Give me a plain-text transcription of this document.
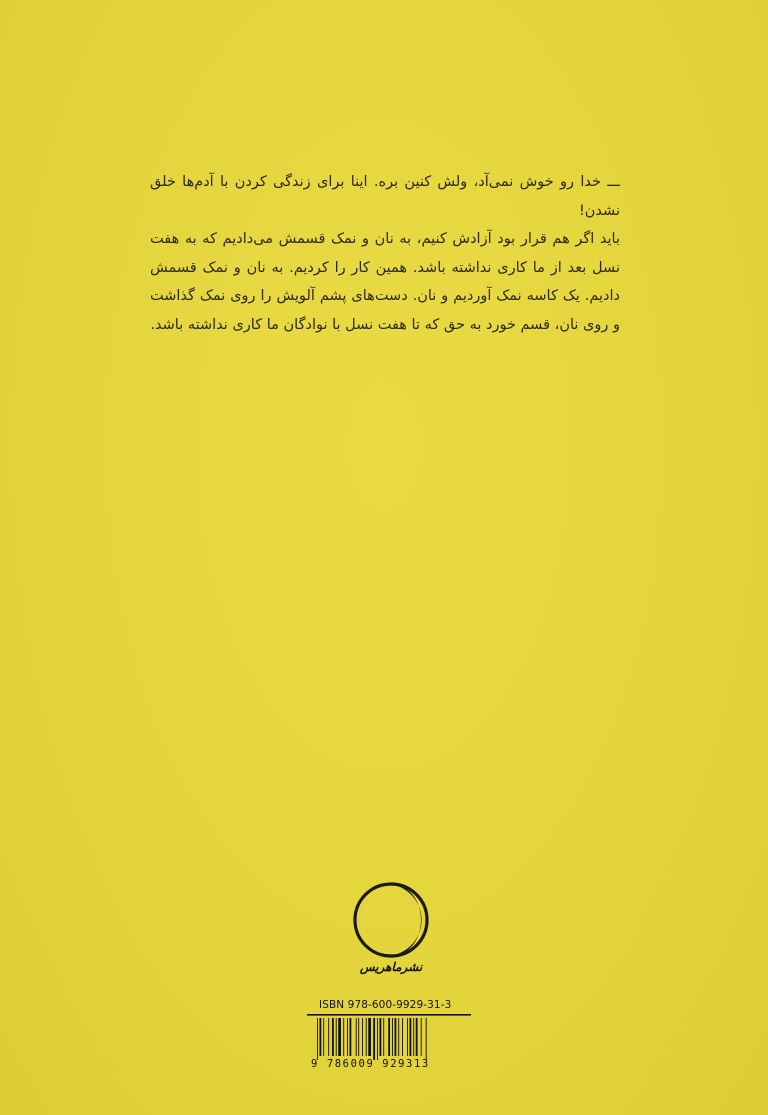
ـــ خدا رو خوش نمی‌آد، ولش کنین بره. اینا برای زندگی کردن با آدم‌ها خلق نشدن!

باید اگر هم قرار بود آزادش کنیم، به نان و نمک قسمش می‌دادیم که به هفت نسل بعد از ما کاری نداشته باشد. همین کار را کردیم. به نان و نمک قسمش دادیم. یک کاسه نمک آوردیم و نان. دست‌های پشم آلویش را روی نمک گذاشت و روی نان، قسم خورد به حق که تا هفت نسل با نوادگان ما کاری نداشته باشد.

نشرماهریس
ISBN 978-600-9929-31-3
9 786009 929313
